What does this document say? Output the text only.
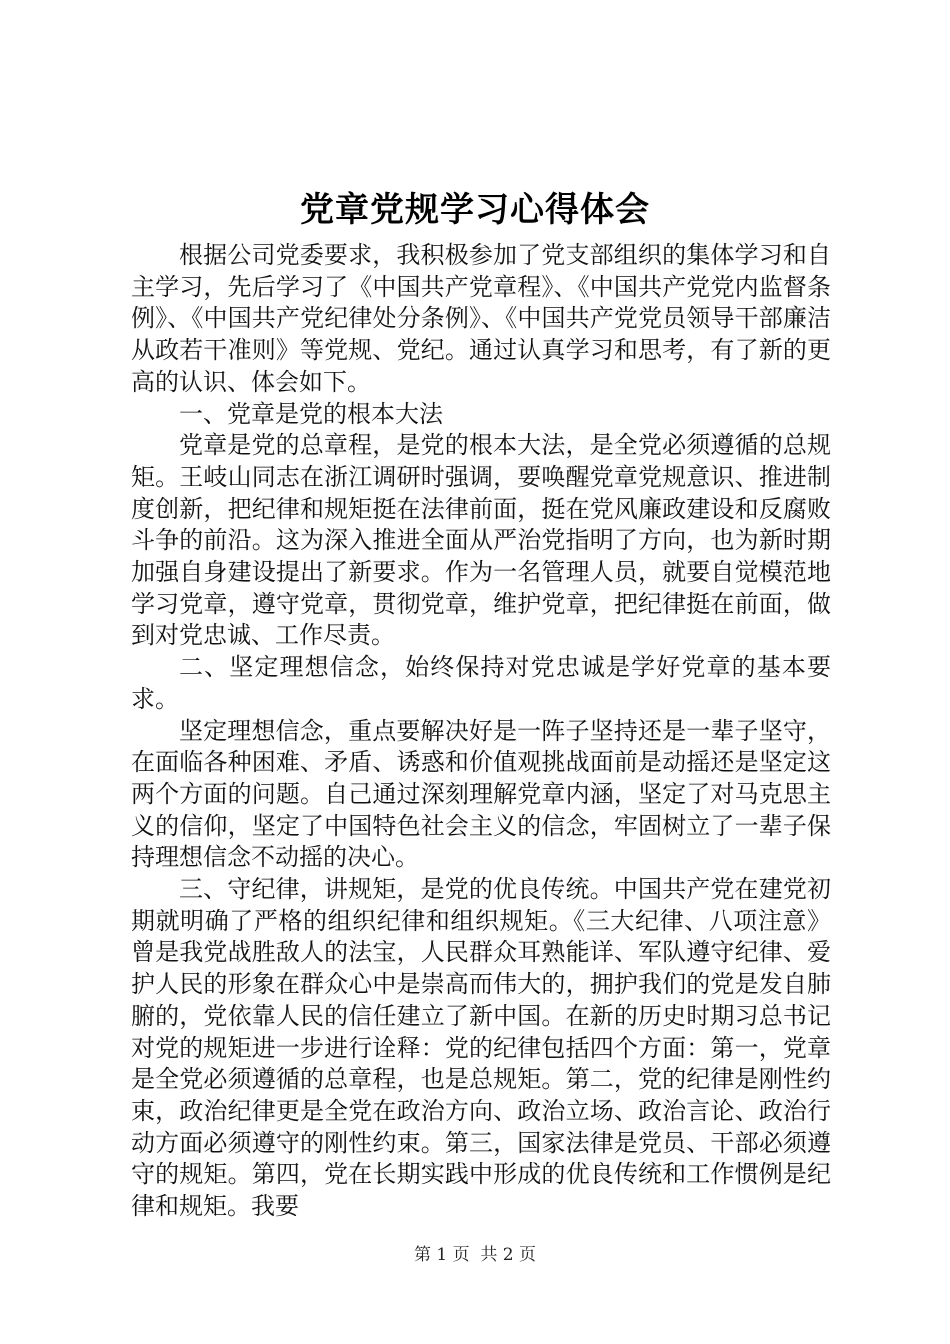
党章党规学习心得体会

根据公司党委要求，我积极参加了党支部组织的集体学习和自主学习，先后学习了《中国共产党章程》、《中国共产党党内监督条例》、《中国共产党纪律处分条例》、《中国共产党党员领导干部廉洁从政若干准则》等党规、党纪。通过认真学习和思考，有了新的更高的认识、体会如下。

一、党章是党的根本大法

党章是党的总章程，是党的根本大法，是全党必须遵循的总规矩。王岐山同志在浙江调研时强调，要唤醒党章党规意识、推进制度创新，把纪律和规矩挺在法律前面，挺在党风廉政建设和反腐败斗争的前沿。这为深入推进全面从严治党指明了方向，也为新时期加强自身建设提出了新要求。作为一名管理人员，就要自觉模范地学习党章，遵守党章，贯彻党章，维护党章，把纪律挺在前面，做到对党忠诚、工作尽责。

二、坚定理想信念，始终保持对党忠诚是学好党章的基本要求。

坚定理想信念，重点要解决好是一阵子坚持还是一辈子坚守，在面临各种困难、矛盾、诱惑和价值观挑战面前是动摇还是坚定这两个方面的问题。自己通过深刻理解党章内涵，坚定了对马克思主义的信仰，坚定了中国特色社会主义的信念，牢固树立了一辈子保持理想信念不动摇的决心。

三、守纪律，讲规矩，是党的优良传统。中国共产党在建党初期就明确了严格的组织纪律和组织规矩。《三大纪律、八项注意》曾是我党战胜敌人的法宝，人民群众耳熟能详、军队遵守纪律、爱护人民的形象在群众心中是崇高而伟大的，拥护我们的党是发自肺腑的，党依靠人民的信任建立了新中国。在新的历史时期习总书记对党的规矩进一步进行诠释：党的纪律包括四个方面：第一，党章是全党必须遵循的总章程，也是总规矩。第二，党的纪律是刚性约束，政治纪律更是全党在政治方向、政治立场、政治言论、政治行动方面必须遵守的刚性约束。第三，国家法律是党员、干部必须遵守的规矩。第四，党在长期实践中形成的优良传统和工作惯例是纪律和规矩。我要

第 1 页  共 2 页
